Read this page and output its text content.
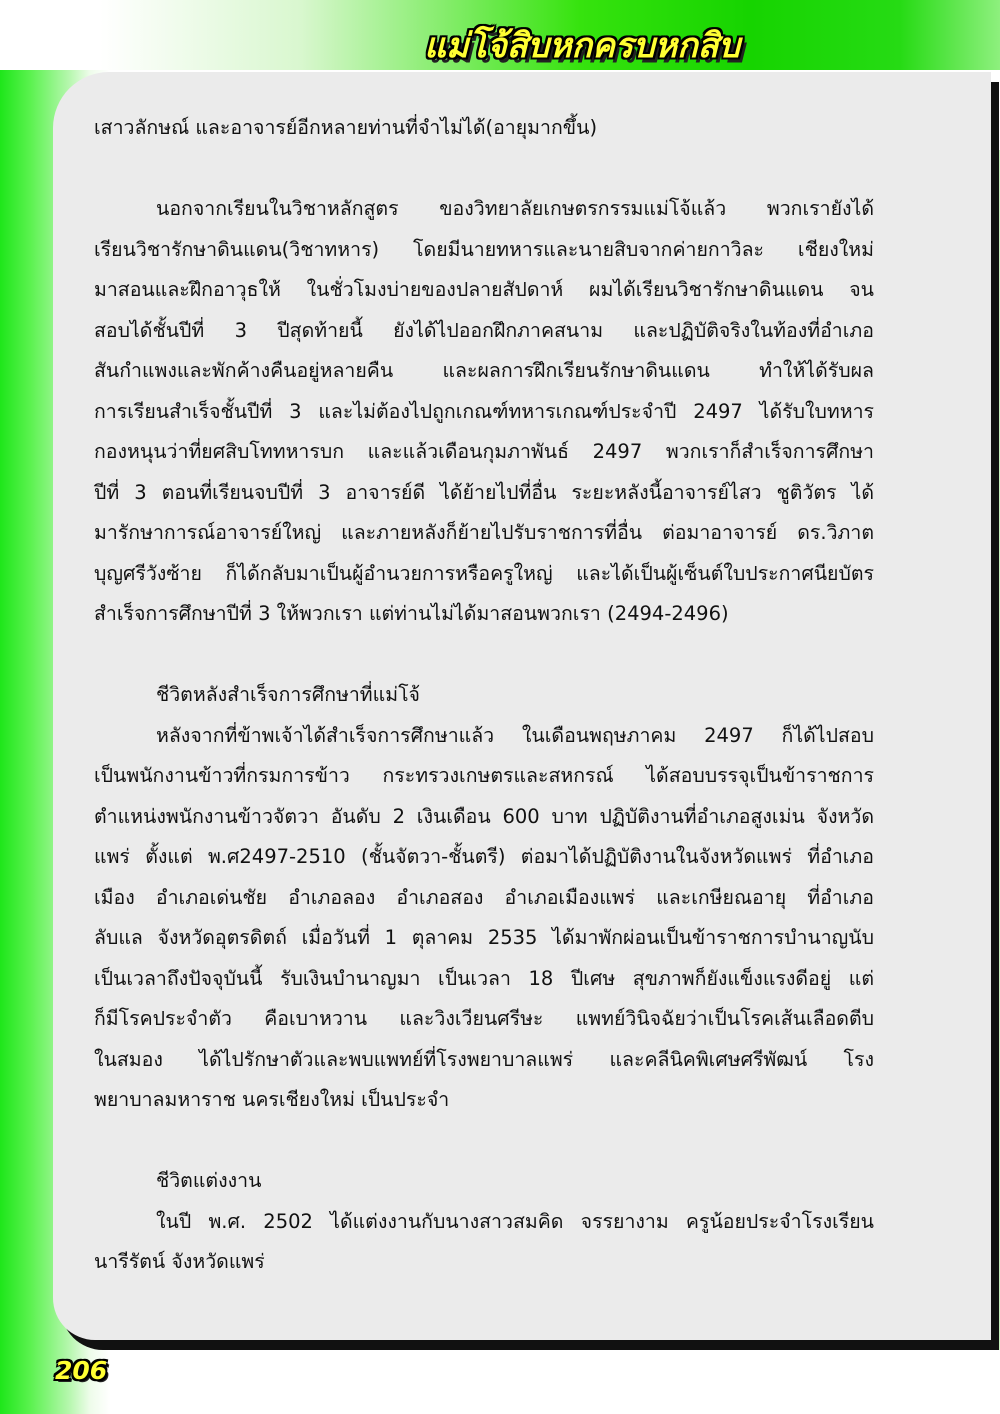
แม่โจ้สิบหกครบหกสิบ

เสาวลักษณ์ และอาจารย์อีกหลายท่านที่จำไม่ได้(อายุมากขึ้น)

นอกจากเรียนในวิชาหลักสูตร ของวิทยาลัยเกษตรกรรมแม่โจ้แล้ว พวกเรายังได้
เรียนวิชารักษาดินแดน(วิชาทหาร) โดยมีนายทหารและนายสิบจากค่ายกาวิละ เชียงใหม่
มาสอนและฝึกอาวุธให้ ในชั่วโมงบ่ายของปลายสัปดาห์ ผมได้เรียนวิชารักษาดินแดน จน
สอบได้ชั้นปีที่ 3 ปีสุดท้ายนี้ ยังได้ไปออกฝึกภาคสนาม และปฏิบัติจริงในท้องที่อำเภอ
สันกำแพงและพักค้างคืนอยู่หลายคืน และผลการฝึกเรียนรักษาดินแดน ทำให้ได้รับผล
การเรียนสำเร็จชั้นปีที่ 3 และไม่ต้องไปถูกเกณฑ์ทหารเกณฑ์ประจำปี 2497 ได้รับใบทหาร
กองหนุนว่าที่ยศสิบโททหารบก และแล้วเดือนกุมภาพันธ์ 2497 พวกเราก็สำเร็จการศึกษา
ปีที่ 3 ตอนที่เรียนจบปีที่ 3 อาจารย์ดี ได้ย้ายไปที่อื่น ระยะหลังนี้อาจารย์ไสว ชูติวัตร ได้
มารักษาการณ์อาจารย์ใหญ่ และภายหลังก็ย้ายไปรับราชการที่อื่น ต่อมาอาจารย์ ดร.วิภาต
บุญศรีวังซ้าย ก็ได้กลับมาเป็นผู้อำนวยการหรือครูใหญ่ และได้เป็นผู้เซ็นต์ใบประกาศนียบัตร
สำเร็จการศึกษาปีที่ 3 ให้พวกเรา แต่ท่านไม่ได้มาสอนพวกเรา (2494-2496)

ชีวิตหลังสำเร็จการศึกษาที่แม่โจ้

หลังจากที่ข้าพเจ้าได้สำเร็จการศึกษาแล้ว ในเดือนพฤษภาคม 2497 ก็ได้ไปสอบ
เป็นพนักงานข้าวที่กรมการข้าว กระทรวงเกษตรและสหกรณ์ ได้สอบบรรจุเป็นข้าราชการ
ตำแหน่งพนักงานข้าวจัตวา อันดับ 2 เงินเดือน 600 บาท ปฏิบัติงานที่อำเภอสูงเม่น จังหวัด
แพร่ ตั้งแต่ พ.ศ2497-2510 (ชั้นจัตวา-ชั้นตรี) ต่อมาได้ปฏิบัติงานในจังหวัดแพร่ ที่อำเภอ
เมือง อำเภอเด่นชัย อำเภอลอง อำเภอสอง อำเภอเมืองแพร่ และเกษียณอายุ ที่อำเภอ
ลับแล จังหวัดอุตรดิตถ์ เมื่อวันที่ 1 ตุลาคม 2535 ได้มาพักผ่อนเป็นข้าราชการบำนาญนับ
เป็นเวลาถึงปัจจุบันนี้ รับเงินบำนาญมา เป็นเวลา 18 ปีเศษ สุขภาพก็ยังแข็งแรงดีอยู่ แต่
ก็มีโรคประจำตัว คือเบาหวาน และวิงเวียนศรีษะ แพทย์วินิจฉัยว่าเป็นโรคเส้นเลือดตีบ
ในสมอง ได้ไปรักษาตัวและพบแพทย์ที่โรงพยาบาลแพร่ และคลีนิคพิเศษศรีพัฒน์ โรง
พยาบาลมหาราช นครเชียงใหม่ เป็นประจำ

ชีวิตแต่งงาน

ในปี พ.ศ. 2502 ได้แต่งงานกับนางสาวสมคิด จรรยางาม ครูน้อยประจำโรงเรียน
นารีรัตน์ จังหวัดแพร่

206
